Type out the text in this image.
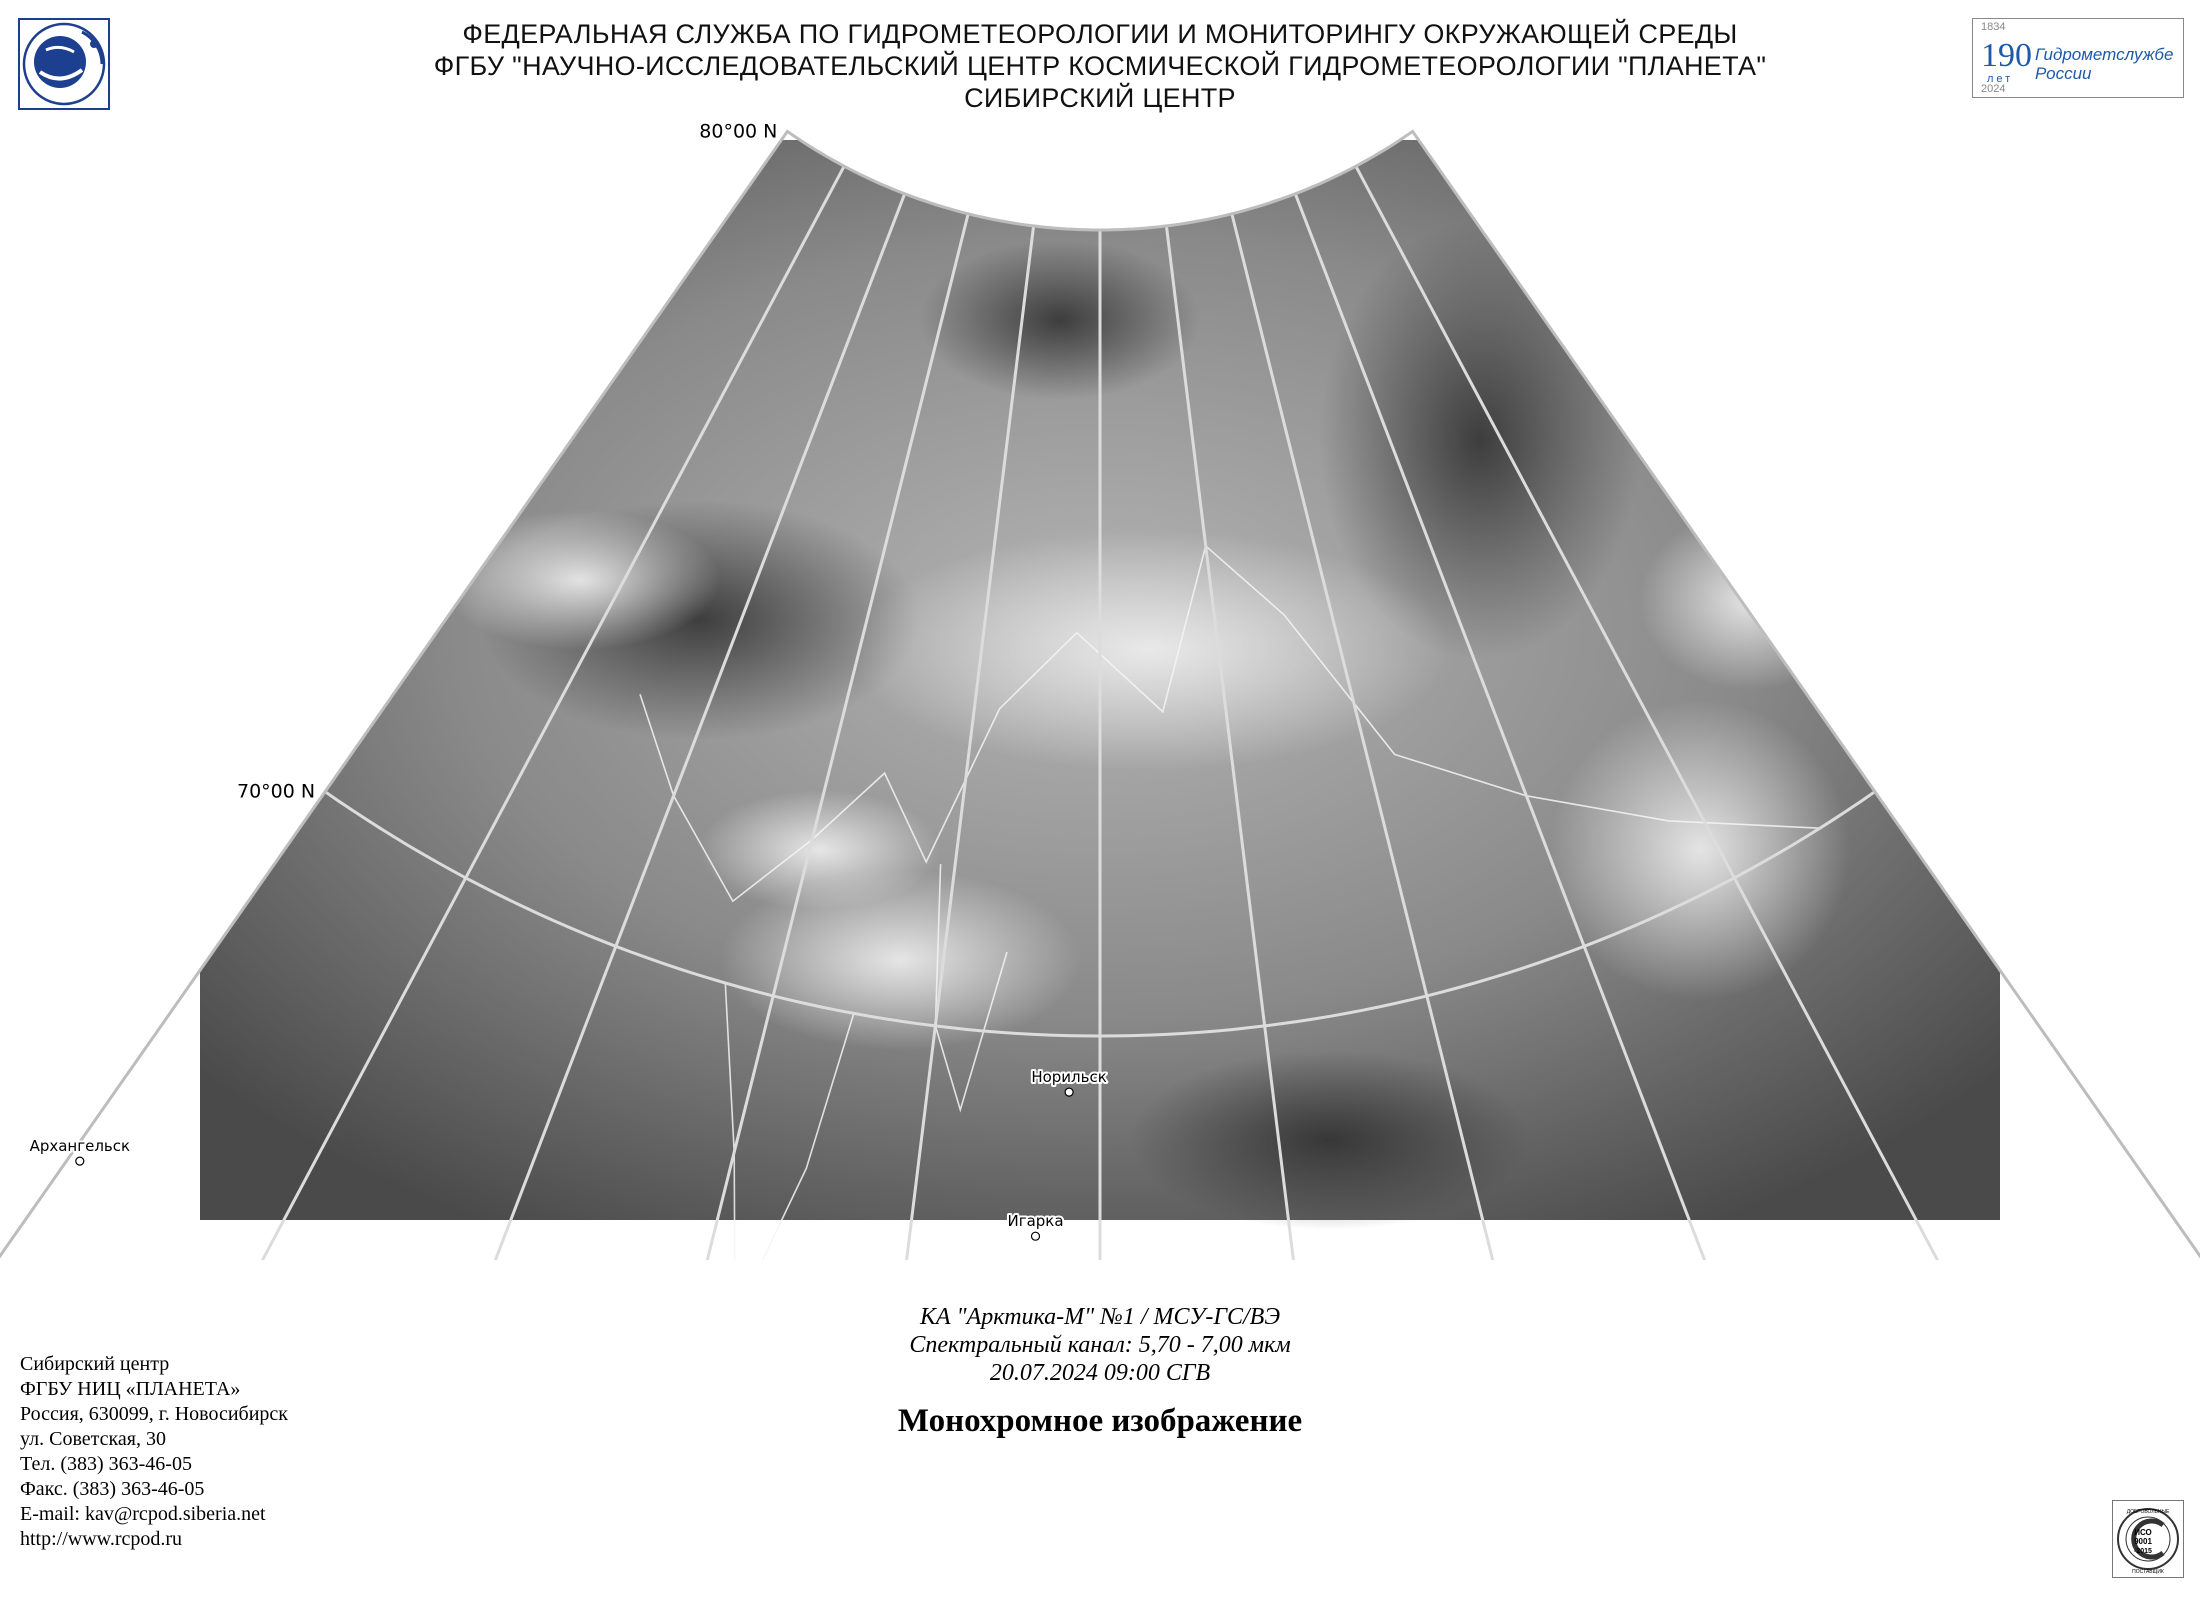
ФЕДЕРАЛЬНАЯ СЛУЖБА ПО ГИДРОМЕТЕОРОЛОГИИ И МОНИТОРИНГУ ОКРУЖАЮЩЕЙ СРЕДЫ
ФГБУ "НАУЧНО-ИССЛЕДОВАТЕЛЬСКИЙ ЦЕНТР КОСМИЧЕСКОЙ ГИДРОМЕТЕОРОЛОГИИ "ПЛАНЕТА"
СИБИРСКИЙ ЦЕНТР
1834
190
лет
Гидрометслужбе России
2024
70°00 N
80°00 N
Архангельск
Норильск
Игарка
КА "Арктика-М" №1 / МСУ-ГС/ВЭ
Спектральный канал: 5,70 - 7,00 мкм
20.07.2024 09:00 СГВ
Монохромное изображение
Сибирский центр
ФГБУ НИЦ «ПЛАНЕТА»
Россия, 630099, г. Новосибирск
ул. Советская, 30
Тел. (383) 363-46-05
Факс. (383) 363-46-05
E-mail: kav@rcpod.siberia.net
http://www.rcpod.ru
ДОБРОВОЛЬНЫЕ
ИСО
9001
-2015
ПОСТАВЩИК
